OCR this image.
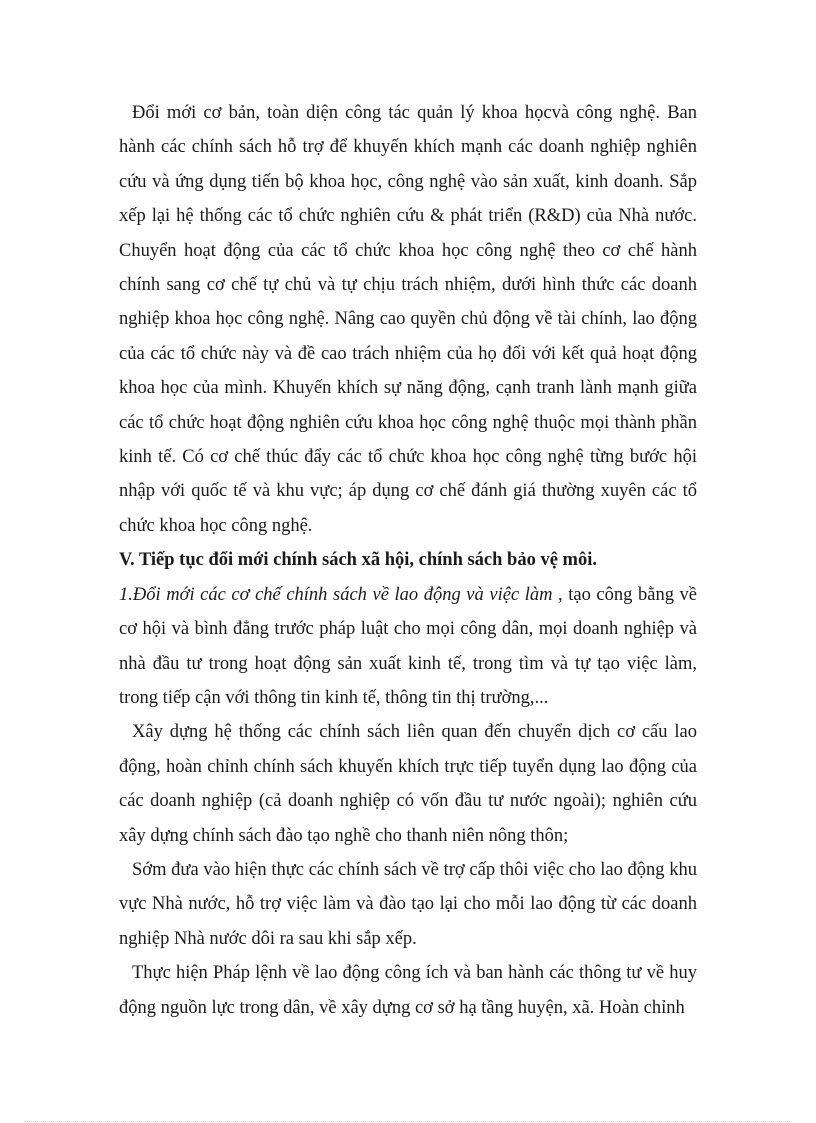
Đổi mới cơ bản, toàn diện công tác quản lý khoa họcvà công nghệ. Ban hành các chính sách hỗ trợ để khuyến khích mạnh các doanh nghiệp nghiên cứu và ứng dụng tiến bộ khoa học, công nghệ vào sản xuất, kinh doanh. Sắp xếp lại hệ thống các tổ chức nghiên cứu & phát triển (R&D) của Nhà nước. Chuyển hoạt động của các tổ chức khoa học công nghệ theo cơ chế hành chính sang cơ chế tự chủ và tự chịu trách nhiệm, dưới hình thức các doanh nghiệp khoa học công nghệ. Nâng cao quyền chủ động về tài chính, lao động của các tổ chức này và đề cao trách nhiệm của họ đối với kết quả hoạt động khoa học của mình. Khuyến khích sự năng động, cạnh tranh lành mạnh giữa các tổ chức hoạt động nghiên cứu khoa học công nghệ thuộc mọi thành phần kinh tế. Có cơ chế thúc đẩy các tổ chức khoa học công nghệ từng bước hội nhập với quốc tế và khu vực; áp dụng cơ chế đánh giá thường xuyên các tổ chức khoa học công nghệ.

V. Tiếp tục đổi mới chính sách xã hội, chính sách bảo vệ môi.

1.Đổi mới các cơ chế chính sách về lao động và việc làm , tạo công bằng về cơ hội và bình đẳng trước pháp luật cho mọi công dân, mọi doanh nghiệp và nhà đầu tư trong hoạt động sản xuất kinh tế, trong tìm và tự tạo việc làm, trong tiếp cận với thông tin kinh tế, thông tin thị trường,...

Xây dựng hệ thống các chính sách liên quan đến chuyển dịch cơ cấu lao động, hoàn chỉnh chính sách khuyến khích trực tiếp tuyển dụng lao động của các doanh nghiệp (cả doanh nghiệp có vốn đầu tư nước ngoài); nghiên cứu xây dựng chính sách đào tạo nghề cho thanh niên nông thôn;

Sớm đưa vào hiện thực các chính sách về trợ cấp thôi việc cho lao động khu vực Nhà nước, hỗ trợ việc làm và đào tạo lại cho mỗi lao động từ các doanh nghiệp Nhà nước dôi ra sau khi sắp xếp.

Thực hiện Pháp lệnh về lao động công ích và ban hành các thông tư về huy động nguồn lực trong dân, về xây dựng cơ sở hạ tầng huyện, xã. Hoàn chỉnh
